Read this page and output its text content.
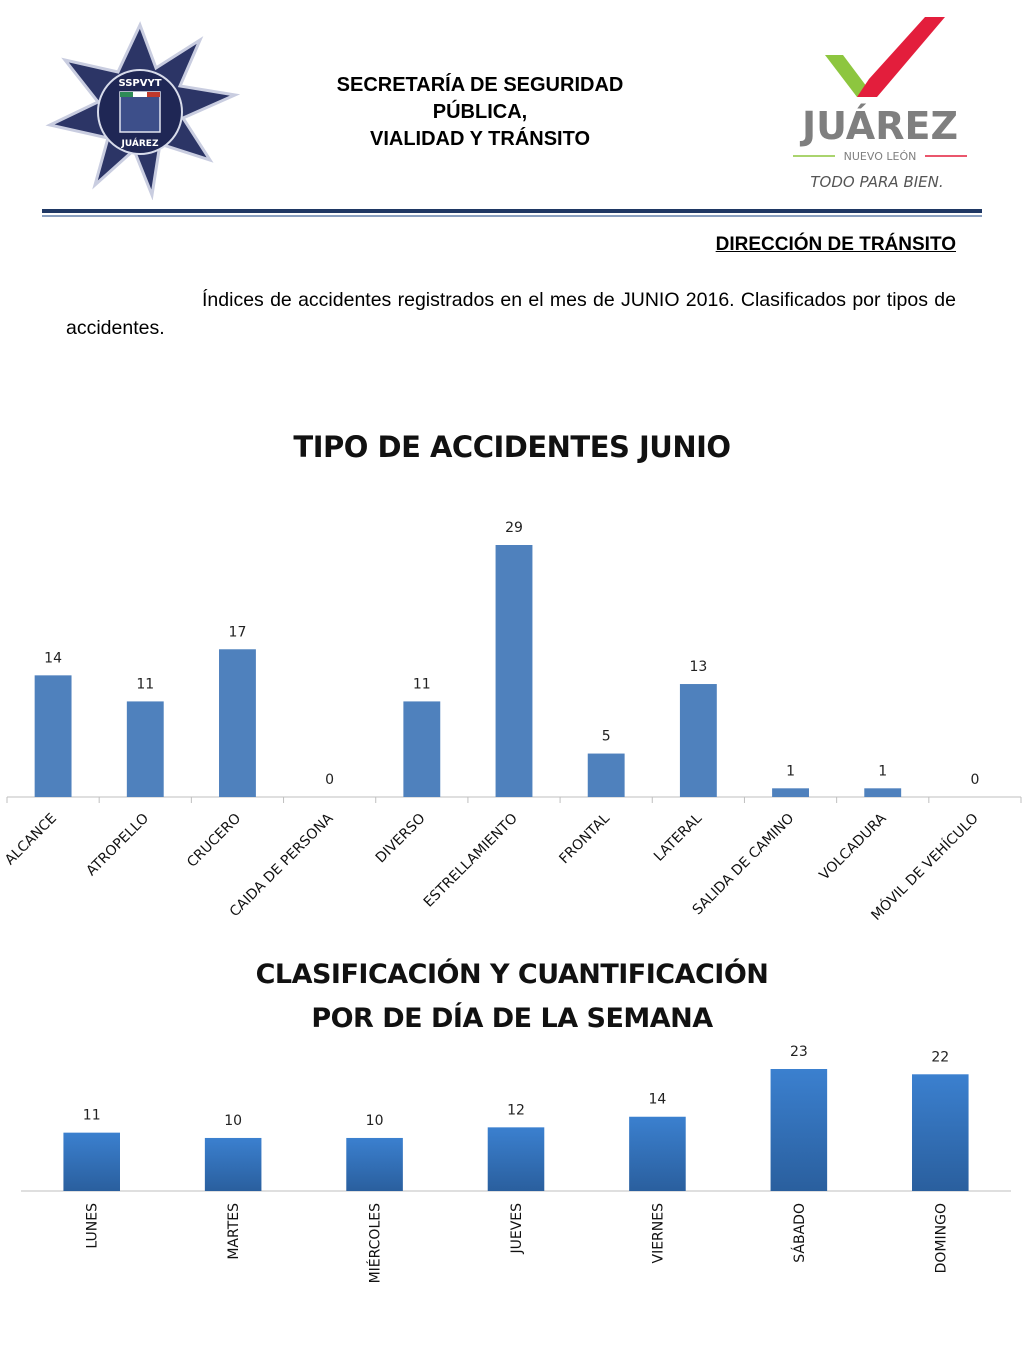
SSPVYT
JUÁREZ
SECRETARÍA DE SEGURIDAD
PÚBLICA,
VIALIDAD Y TRÁNSITO	JUÁREZ
NUEVO LEÓN
TODO PARA BIEN.
DIRECCIÓN DE TRÁNSITO
Índices de accidentes registrados en el mes de JUNIO 2016. Clasificados por tipos de accidentes.
TIPO DE ACCIDENTES JUNIO
14
ALCANCE
11
ATROPELLO
17
CRUCERO
0
CAIDA DE PERSONA
11
DIVERSO
29
ESTRELLAMIENTO
5
FRONTAL
13
LATERAL
1
SALIDA DE CAMINO
1
VOLCADURA
0
MÓVIL DE VEHÍCULO
CLASIFICACIÓN Y CUANTIFICACIÓN
POR DE DÍA DE LA SEMANA
11
LUNES
10
MARTES
10
MIÉRCOLES
12
JUEVES
14
VIERNES
23
SÁBADO
22
DOMINGO
